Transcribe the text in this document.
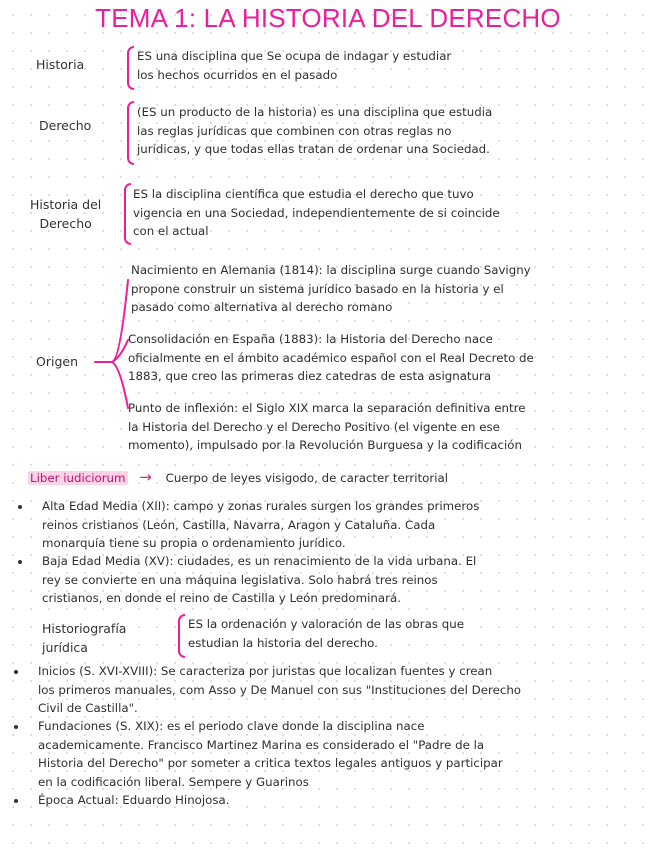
TEMA 1: LA HISTORIA DEL DERECHO
Historia
ES una disciplina que Se ocupa de indagar y estudiar
los hechos ocurridos en el pasado
Derecho
(ES un producto de la historia) es una disciplina que estudia
las reglas jurídicas que combinen con otras reglas no
jurídicas, y que todas ellas tratan de ordenar una Sociedad.
Historia del
Derecho
ES la disciplina científica que estudia el derecho que tuvo
vigencia en una Sociedad, independientemente de si coincide
con el actual
Origen
Nacimiento en Alemania (1814): la disciplina surge cuando Savigny
propone construir un sistema jurídico basado en la historia y el
pasado como alternativa al derecho romano
Consolidación en España (1883): la Historia del Derecho nace
oficialmente en el ámbito académico español con el Real Decreto de
1883, que creo las primeras diez catedras de esta asignatura
Punto de inflexión: el Siglo XIX marca la separación definitiva entre
la Historia del Derecho y el Derecho Positivo (el vigente en ese
momento), impulsado por la Revolución Burguesa y la codificación
Liber iudiciorum → Cuerpo de leyes visigodo, de caracter territorial
Alta Edad Media (XII): campo y zonas rurales surgen los grandes primeros
reinos cristianos (León, Castilla, Navarra, Aragon y Cataluña. Cada
monarquía tiene su propia o ordenamiento jurídico.
Baja Edad Media (XV): ciudades, es un renacimiento de la vida urbana. El
rey se convierte en una máquina legislativa. Solo habrá tres reinos
cristianos, en donde el reino de Castilla y León predominará.
Historiografía
jurídica
ES la ordenación y valoración de las obras que
estudian la historia del derecho.
Inicios (S. XVI-XVIII): Se caracteriza por juristas que localizan fuentes y crean
los primeros manuales, com Asso y De Manuel con sus "Instituciones del Derecho
Civil de Castilla".
Fundaciones (S. XIX): es el periodo clave donde la disciplina nace
academicamente. Francisco Martinez Marina es considerado el "Padre de la
Historia del Derecho" por someter a critica textos legales antiguos y participar
en la codificación liberal. Sempere y Guarinos
Época Actual: Eduardo Hinojosa.
